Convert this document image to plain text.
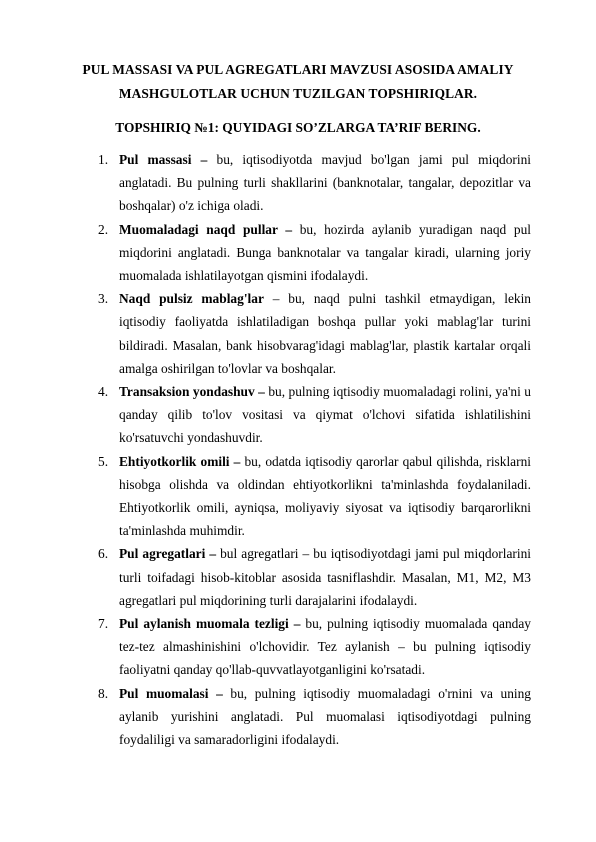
PUL MASSASI VA PUL AGREGATLARI MAVZUSI ASOSIDA AMALIY
MASHGULOTLAR UCHUN TUZILGAN TOPSHIRIQLAR.
TOPSHIRIQ №1: QUYIDAGI SO’ZLARGA TA’RIF BERING.
1. Pul massasi – bu, iqtisodiyotda mavjud bo'lgan jami pul miqdorini anglatadi. Bu pulning turli shakllarini (banknotalar, tangalar, depozitlar va boshqalar) o'z ichiga oladi.
2. Muomaladagi naqd pullar – bu, hozirda aylanib yuradigan naqd pul miqdorini anglatadi. Bunga banknotalar va tangalar kiradi, ularning joriy muomalada ishlatilayotgan qismini ifodalaydi.
3. Naqd pulsiz mablag'lar – bu, naqd pulni tashkil etmaydigan, lekin iqtisodiy faoliyatda ishlatiladigan boshqa pullar yoki mablag'lar turini bildiradi. Masalan, bank hisobvarag'idagi mablag'lar, plastik kartalar orqali amalga oshirilgan to'lovlar va boshqalar.
4. Transaksion yondashuv – bu, pulning iqtisodiy muomaladagi rolini, ya'ni u qanday qilib to'lov vositasi va qiymat o'lchovi sifatida ishlatilishini ko'rsatuvchi yondashuvdir.
5. Ehtiyotkorlik omili – bu, odatda iqtisodiy qarorlar qabul qilishda, risklarni hisobga olishda va oldindan ehtiyotkorlikni ta'minlashda foydalaniladi. Ehtiyotkorlik omili, ayniqsa, moliyaviy siyosat va iqtisodiy barqarorlikni ta'minlashda muhimdir.
6. Pul agregatlari – bul agregatlari – bu iqtisodiyotdagi jami pul miqdorlarini turli toifadagi hisob-kitoblar asosida tasniflashdir. Masalan, M1, M2, M3 agregatlari pul miqdorining turli darajalarini ifodalaydi.
7. Pul aylanish muomala tezligi – bu, pulning iqtisodiy muomalada qanday tez-tez almashinishini o'lchovidir. Tez aylanish – bu pulning iqtisodiy faoliyatni qanday qo'llab-quvvatlayotganligini ko'rsatadi.
8. Pul muomalasi – bu, pulning iqtisodiy muomaladagi o'rnini va uning aylanib yurishini anglatadi. Pul muomalasi iqtisodiyotdagi pulning foydaliligi va samaradorligini ifodalaydi.
